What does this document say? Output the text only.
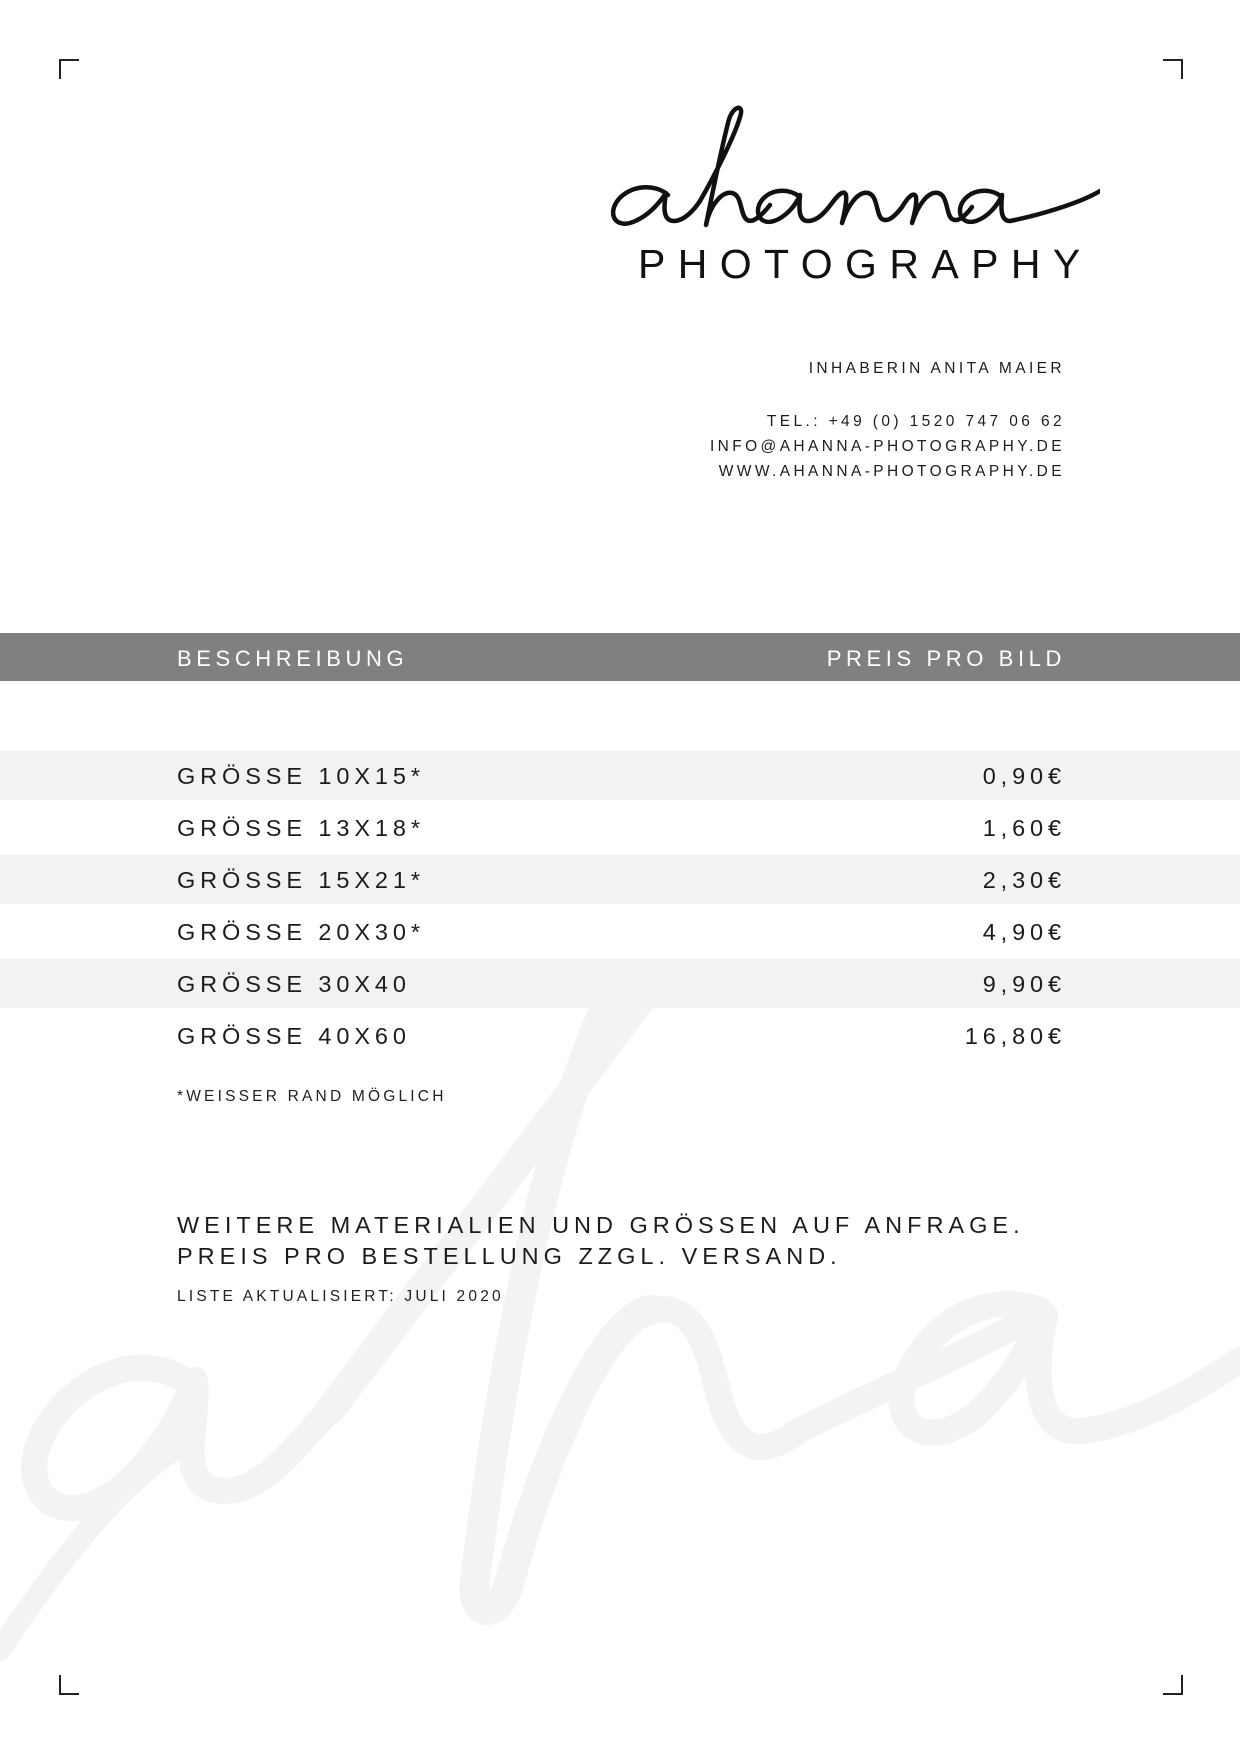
PHOTOGRAPHY
INHABERIN ANITA MAIER
TEL.: +49 (0) 1520 747 06 62
INFO@AHANNA-PHOTOGRAPHY.DE
WWW.AHANNA-PHOTOGRAPHY.DE
BESCHREIBUNG	PREIS PRO BILD
GRÖSSE 10X15*	0,90€
GRÖSSE 13X18*	1,60€
GRÖSSE 15X21*	2,30€
GRÖSSE 20X30*	4,90€
GRÖSSE 30X40	9,90€
GRÖSSE 40X60	16,80€
*WEISSER RAND MÖGLICH
WEITERE MATERIALIEN UND GRÖSSEN AUF ANFRAGE.
PREIS PRO BESTELLUNG ZZGL. VERSAND.
LISTE AKTUALISIERT: JULI 2020
